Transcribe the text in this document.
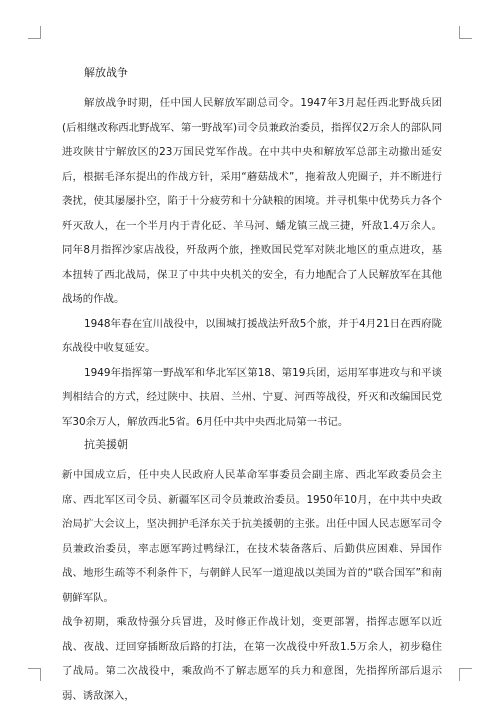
解放战争

解放战争时期，任中国人民解放军副总司令。1947年3月起任西北野战兵团(后相继改称西北野战军、第一野战军)司令员兼政治委员，指挥仅2万余人的部队同进攻陕甘宁解放区的23万国民党军作战。在中共中央和解放军总部主动撤出延安后，根据毛泽东提出的作战方针，采用“蘑菇战术”，拖着敌人兜圈子，并不断进行袭扰，使其屡屡扑空，陷于十分疲劳和十分缺粮的困境。并寻机集中优势兵力各个歼灭敌人，在一个半月内于青化砭、羊马河、蟠龙镇三战三捷，歼敌1.4万余人。同年8月指挥沙家店战役，歼敌两个旅，挫败国民党军对陕北地区的重点进攻，基本扭转了西北战局，保卫了中共中央机关的安全，有力地配合了人民解放军在其他战场的作战。

1948年春在宜川战役中，以围城打援战法歼敌5个旅，并于4月21日在西府陇东战役中收复延安。

1949年指挥第一野战军和华北军区第18、第19兵团，运用军事进攻与和平谈判相结合的方式，经过陕中、扶眉、兰州、宁夏、河西等战役，歼灭和改编国民党军30余万人，解放西北5省。6月任中共中央西北局第一书记。

抗美援朝

新中国成立后，任中央人民政府人民革命军事委员会副主席、西北军政委员会主席、西北军区司令员、新疆军区司令员兼政治委员。1950年10月，在中共中央政治局扩大会议上，坚决拥护毛泽东关于抗美援朝的主张。出任中国人民志愿军司令员兼政治委员，率志愿军跨过鸭绿江，在技术装备落后、后勤供应困难、异国作战、地形生疏等不利条件下，与朝鲜人民军一道迎战以美国为首的“联合国军”和南朝鲜军队。

战争初期，乘敌恃强分兵冒进，及时修正作战计划，变更部署，指挥志愿军以近战、夜战、迂回穿插断敌后路的打法，在第一次战役中歼敌1.5万余人，初步稳住了战局。第二次战役中，乘敌尚不了解志愿军的兵力和意图，先指挥所部后退示弱、诱敌深入，
